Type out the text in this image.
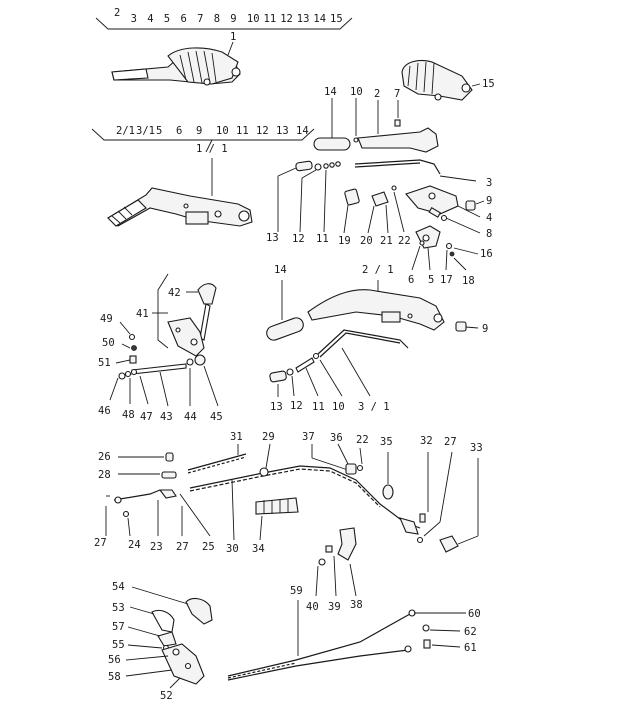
2 3 4 5 6 7 8 9 10 11 12 13 14 15
2/1 3/1 5 6 9 10 11 12 13 14
1
15
14 10 2 7
3
9
4
8
16
13 12 11 19 20 21 22
6 5 17 18
1 / 1
42
41
49
50
51
46 48 47 43 44 45
14	2 / 1
9
13 12 11 10 3 / 1
31 29	37 36 22 35	32 27 33
26
28
27 24 23 27 25 30 34
40 39 38
54
53
57
55
56
58
52
59
60
62
61
